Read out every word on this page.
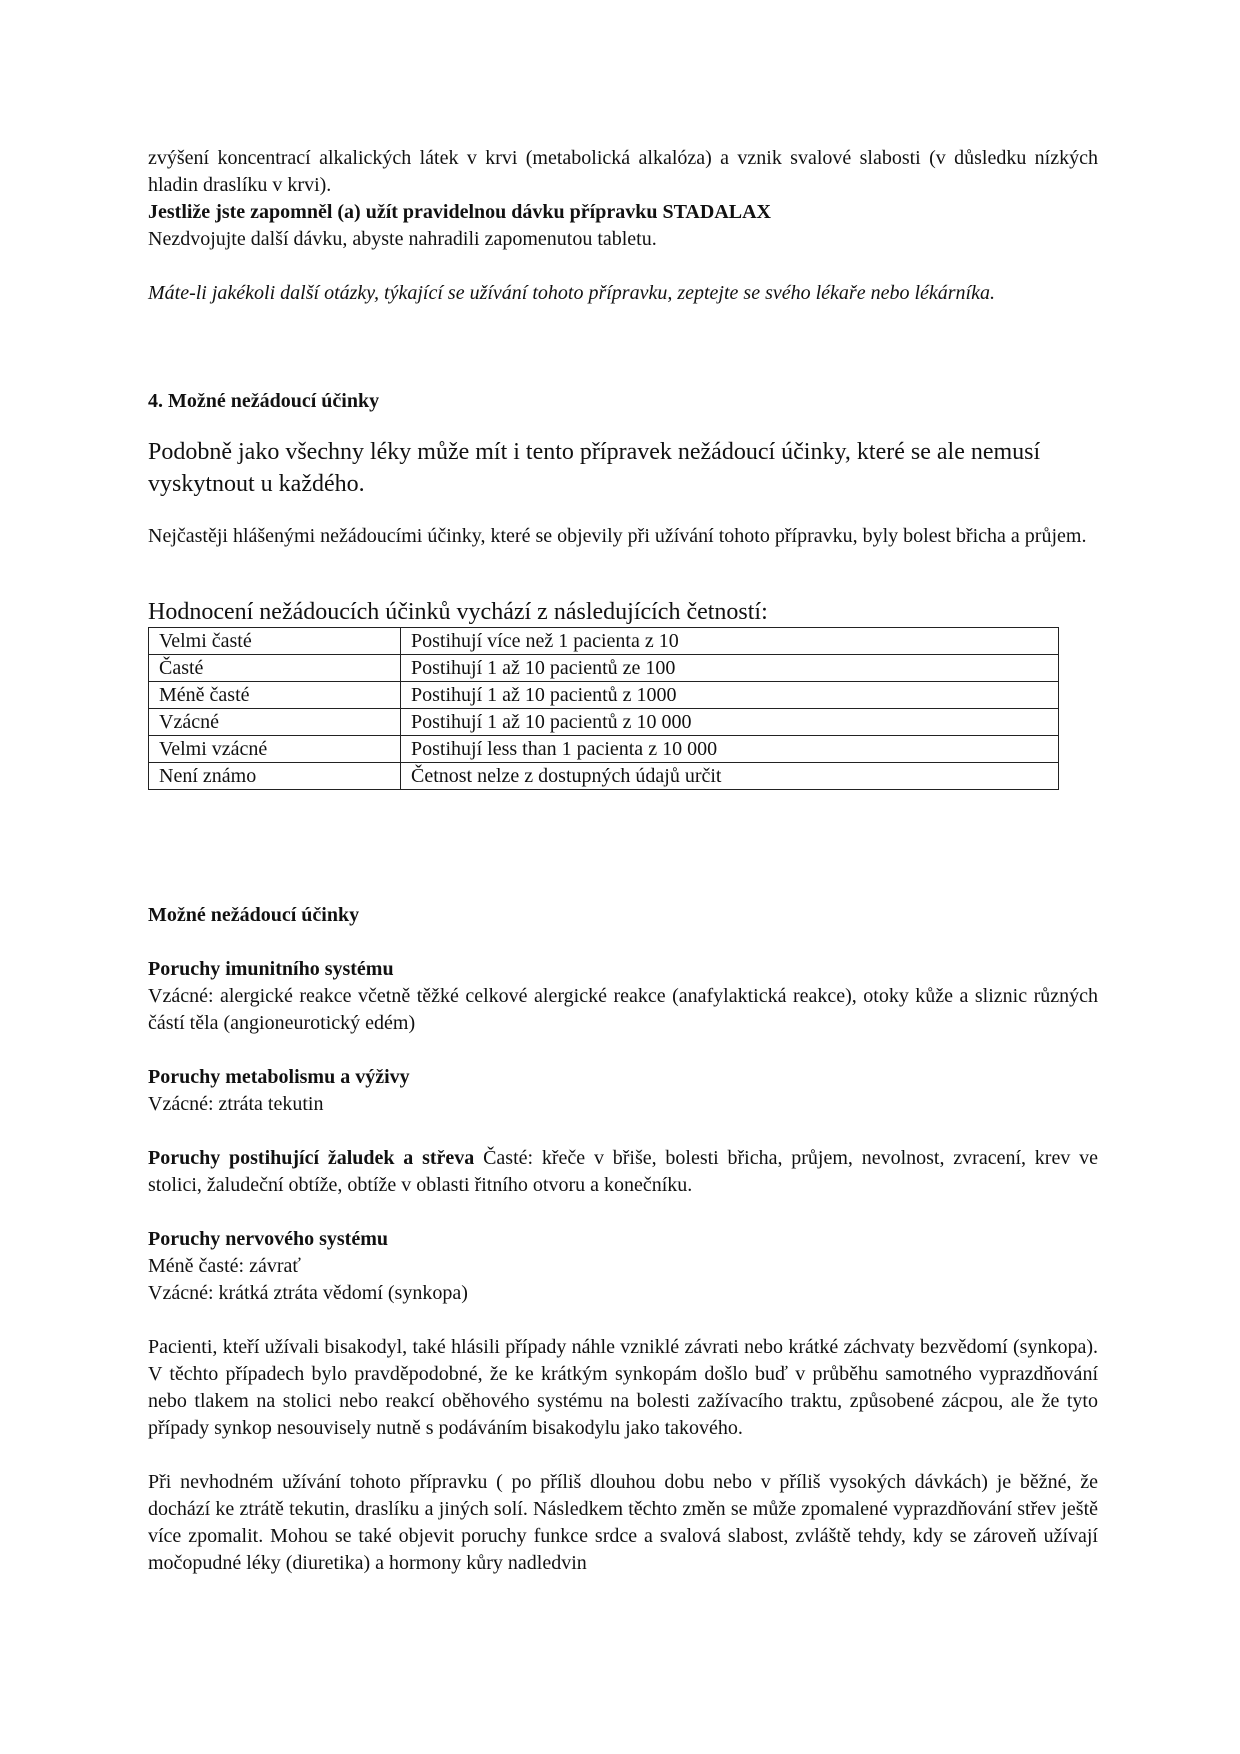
zvýšení koncentrací alkalických látek v krvi (metabolická alkalóza) a vznik svalové slabosti (v důsledku nízkých hladin draslíku v krvi).

Jestliže jste zapomněl (a) užít pravidelnou dávku přípravku STADALAX

Nezdvojujte další dávku, abyste nahradili zapomenutou tabletu.

Máte-li jakékoli další otázky, týkající se užívání tohoto přípravku, zeptejte se svého lékaře nebo lékárníka.

4. Možné nežádoucí účinky

Podobně jako všechny léky může mít i tento přípravek nežádoucí účinky, které se ale nemusí vyskytnout u každého.

Nejčastěji hlášenými nežádoucími účinky, které se objevily při užívání tohoto přípravku, byly bolest břicha a průjem.

Hodnocení nežádoucích účinků vychází z následujících četností:

Velmi časté	Postihují více než 1 pacienta z 10
Časté	Postihují 1 až 10 pacientů ze 100
Méně časté	Postihují 1 až 10 pacientů z 1000
Vzácné	Postihují 1 až 10 pacientů z 10 000
Velmi vzácné	Postihují less than 1 pacienta z 10 000
Není známo	Četnost nelze z dostupných údajů určit

Možné nežádoucí účinky

Poruchy imunitního systému

Vzácné: alergické reakce včetně těžké celkové alergické reakce (anafylaktická reakce), otoky kůže a sliznic různých částí těla (angioneurotický edém)

Poruchy metabolismu a výživy

Vzácné: ztráta tekutin

Poruchy postihující žaludek a střeva Časté: křeče v břiše, bolesti břicha, průjem, nevolnost, zvracení, krev ve stolici, žaludeční obtíže, obtíže v oblasti řitního otvoru a konečníku.

Poruchy nervového systému

Méně časté: závrať

Vzácné: krátká ztráta vědomí (synkopa)

Pacienti, kteří užívali bisakodyl, také hlásili případy náhle vzniklé závrati nebo krátké záchvaty bezvědomí (synkopa). V těchto případech bylo pravděpodobné, že ke krátkým synkopám došlo buď v průběhu samotného vyprazdňování nebo tlakem na stolici nebo reakcí oběhového systému na bolesti zažívacího traktu, způsobené zácpou, ale že tyto případy synkop nesouvisely nutně s podáváním bisakodylu jako takového.

Při nevhodném užívání tohoto přípravku ( po příliš dlouhou dobu nebo v příliš vysokých dávkách) je běžné, že dochází ke ztrátě tekutin, draslíku a jiných solí. Následkem těchto změn se může zpomalené vyprazdňování střev ještě více zpomalit. Mohou se také objevit poruchy funkce srdce a svalová slabost, zvláště tehdy, kdy se zároveň užívají močopudné léky (diuretika) a hormony kůry nadledvin
